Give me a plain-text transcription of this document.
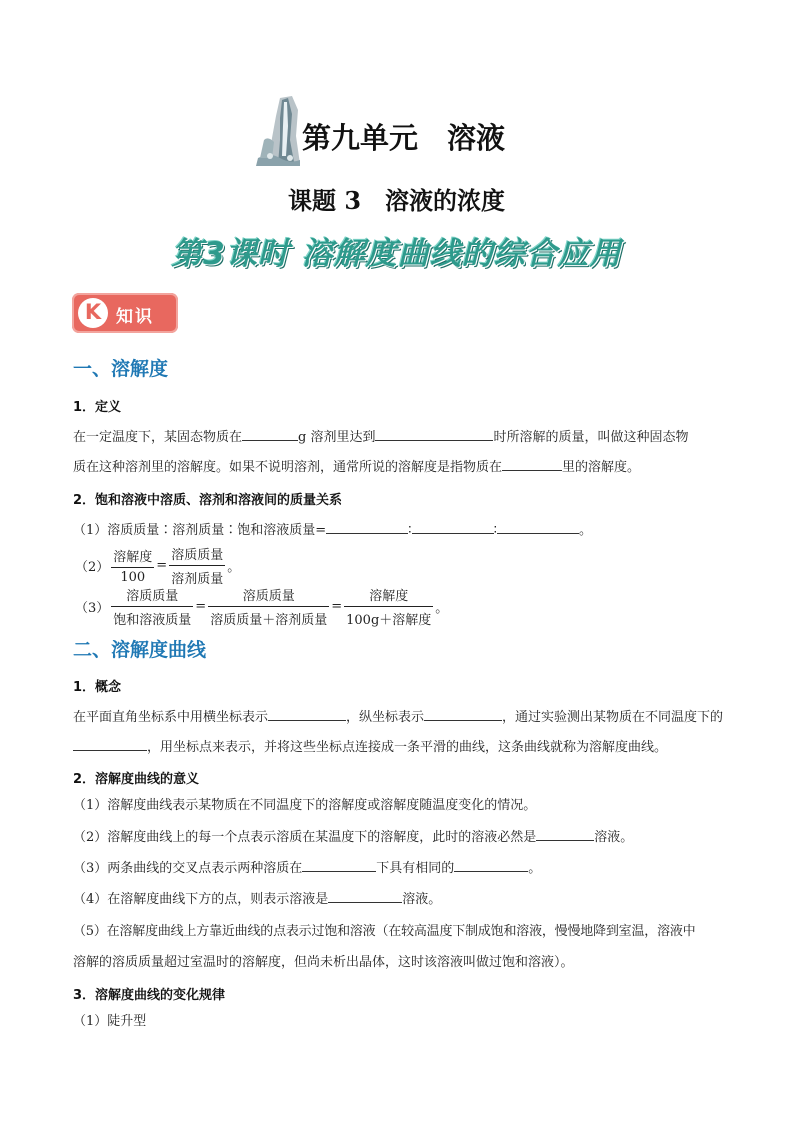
第九单元　溶液
课题 3　溶液的浓度
第3课时 溶解度曲线的综合应用
K 知识
一、溶解度
1．定义
在一定温度下，某固态物质在	g 溶剂里达到	时所溶解的质量，叫做这种固态物
质在这种溶剂里的溶解度。如果不说明溶剂，通常所说的溶解度是指物质在	里的溶解度。
2．饱和溶液中溶质、溶剂和溶液间的质量关系
（1）溶质质量∶溶剂质量∶饱和溶液质量=	∶	∶	。
$(2) \frac{\text{溶解度}}{100} = \frac{\text{溶质质量}}{\text{溶剂质量}}$ 。
$(3) \frac{\text{溶质质量}}{\text{饱和溶液质量}} = \frac{\text{溶质质量}}{\text{溶质质量＋溶剂质量}} = \frac{\text{溶解度}}{\text{100g＋溶解度}}$ 。
二、溶解度曲线
1．概念
在平面直角坐标系中用横坐标表示	，纵坐标表示	，通过实验测出某物质在不同温度下的
，用坐标点来表示，并将这些坐标点连接成一条平滑的曲线，这条曲线就称为溶解度曲线。
2．溶解度曲线的意义
（1）溶解度曲线表示某物质在不同温度下的溶解度或溶解度随温度变化的情况。
（2）溶解度曲线上的每一个点表示溶质在某温度下的溶解度，此时的溶液必然是	溶液。
（3）两条曲线的交叉点表示两种溶质在	下具有相同的	。
（4）在溶解度曲线下方的点，则表示溶液是	溶液。
（5）在溶解度曲线上方靠近曲线的点表示过饱和溶液（在较高温度下制成饱和溶液，慢慢地降到室温，溶液中
溶解的溶质质量超过室温时的溶解度，但尚未析出晶体，这时该溶液叫做过饱和溶液）。
3．溶解度曲线的变化规律
（1）陡升型
